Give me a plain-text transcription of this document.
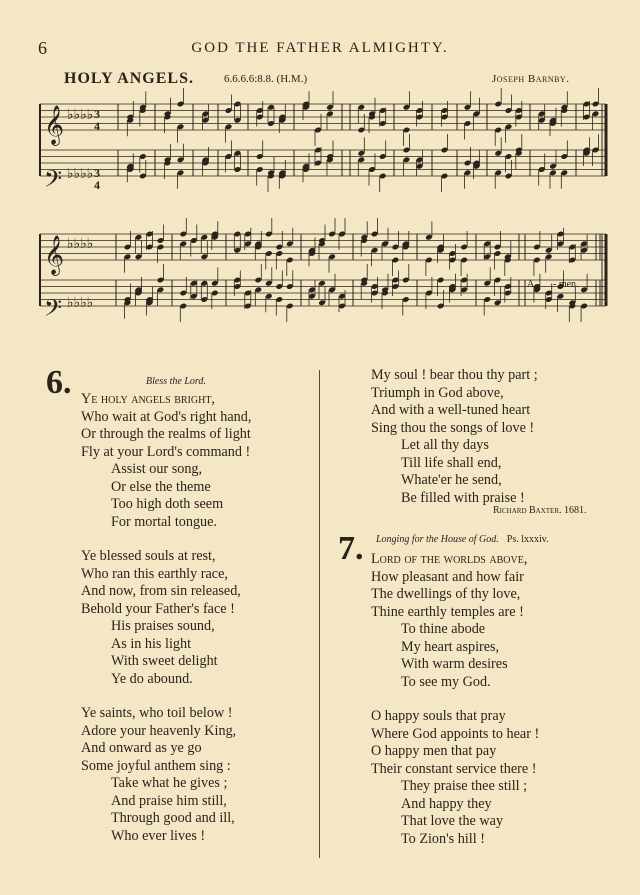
6	GOD THE FATHER ALMIGHTY.
HOLY ANGELS.	6.6.6.6:8.8. (H.M.)	Joseph Barnby.
𝄞
𝄞
𝄢
𝄢
♭♭♭♭
♭♭♭♭
♭♭♭♭
♭♭♭♭
3
4
3
4
A - men.
6.	Bless the Lord.
Ye holy angels bright,
Who wait at God's right hand,
Or through the realms of light
Fly at your Lord's command !
Assist our song,
Or else the theme
Too high doth seem
For mortal tongue.
Ye blessed souls at rest,
Who ran this earthly race,
And now, from sin released,
Behold your Father's face !
His praises sound,
As in his light
With sweet delight
Ye do abound.
Ye saints, who toil below !
Adore your heavenly King,
And onward as ye go
Some joyful anthem sing :
Take what he gives ;
And praise him still,
Through good and ill,
Who ever lives !
My soul ! bear thou thy part ;
Triumph in God above,
And with a well-tuned heart
Sing thou the songs of love !
Let all thy days
Till life shall end,
Whate'er he send,
Be filled with praise !
Richard Baxter. 1681.
7. Longing for the House of God. Ps. lxxxiv.
Lord of the worlds above,
How pleasant and how fair
The dwellings of thy love,
Thine earthly temples are !
To thine abode
My heart aspires,
With warm desires
To see my God.
O happy souls that pray
Where God appoints to hear !
O happy men that pay
Their constant service there !
They praise thee still ;
And happy they
That love the way
To Zion's hill !
